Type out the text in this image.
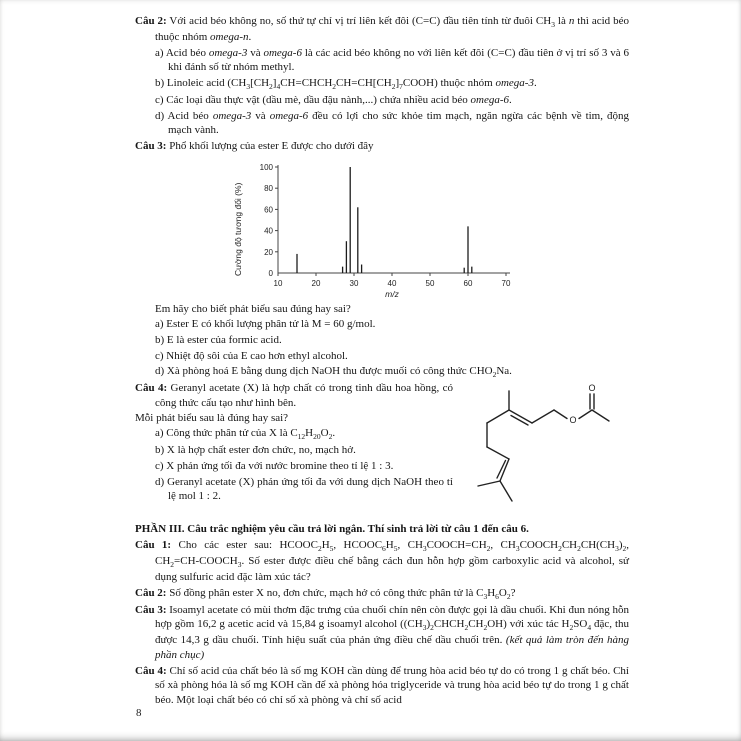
Câu 2: Với acid béo không no, số thứ tự chỉ vị trí liên kết đôi (C=C) đầu tiên tính từ đuôi $CH_3$ là n thì acid béo thuộc nhóm omega-n.

a) Acid béo omega-3 và omega-6 là các acid béo không no với liên kết đôi (C=C) đầu tiên ở vị trí số 3 và 6 khi đánh số từ nhóm methyl.

b) Linoleic acid $(CH_3[CH_2]_4CH=CHCH_2CH=CH[CH_2]_7COOH)$ thuộc nhóm omega-3.

c) Các loại dầu thực vật (dầu mè, dầu đậu nành,...) chứa nhiều acid béo omega-6.

d) Acid béo omega-3 và omega-6 đều có lợi cho sức khỏe tim mạch, ngăn ngừa các bệnh về tim, động mạch vành.

Câu 3: Phổ khối lượng của ester E được cho dưới đây

Cường độ tương đối (%)	20
40
60
80
100
0
10	20	30	40	50	60	70
m/z

Em hãy cho biết phát biểu sau đúng hay sai?

a) Ester E có khối lượng phân tử là M = 60 g/mol.

b) E là ester của formic acid.

c) Nhiệt độ sôi của E cao hơn ethyl alcohol.

d) Xà phòng hoá E bằng dung dịch NaOH thu được muối có công thức $CHO_2Na$.

O
O

Câu 4: Geranyl acetate (X) là hợp chất có trong tinh dầu hoa hồng, có công thức cấu tạo như hình bên.

Mỗi phát biểu sau là đúng hay sai?

a) Công thức phân tử của X là $C_{12}H_{20}O_2$.

b) X là hợp chất ester đơn chức, no, mạch hở.

c) X phản ứng tối đa với nước bromine theo tỉ lệ 1 : 3.

d) Geranyl acetate (X) phản ứng tối đa với dung dịch NaOH theo tỉ lệ mol 1 : 2.

PHẦN III. Câu trắc nghiệm yêu cầu trả lời ngắn. Thí sinh trả lời từ câu 1 đến câu 6.

Câu 1: Cho các ester sau: $HCOOC_2H_5$, $HCOOC_6H_5$, $CH_3COOCH=CH_2$, $CH_3COOCH_2CH_2CH(CH_3)_2$, $CH_2=CH-COOCH_3$. Số ester được điều chế bằng cách đun hỗn hợp gồm carboxylic acid và alcohol, sử dụng sulfuric acid đặc làm xúc tác?

Câu 2: Số đồng phân ester X no, đơn chức, mạch hở có công thức phân tử là $C_3H_6O_2$?

Câu 3: Isoamyl acetate có mùi thơm đặc trưng của chuối chín nên còn được gọi là dầu chuối. Khi đun nóng hỗn hợp gồm 16,2 g acetic acid và 15,84 g isoamyl alcohol $((CH_3)_2CHCH_2CH_2OH)$ với xúc tác $H_2SO_4$ đặc, thu được 14,3 g dầu chuối. Tính hiệu suất của phản ứng điều chế dầu chuối trên. (kết quả làm tròn đến hàng phần chục)

Câu 4: Chỉ số acid của chất béo là số mg KOH cần dùng để trung hòa acid béo tự do có trong 1 g chất béo. Chỉ số xà phòng hóa là số mg KOH cần để xà phòng hóa triglyceride và trung hòa acid béo tự do trong 1 g chất béo. Một loại chất béo có chỉ số xà phòng và chỉ số acid

8
